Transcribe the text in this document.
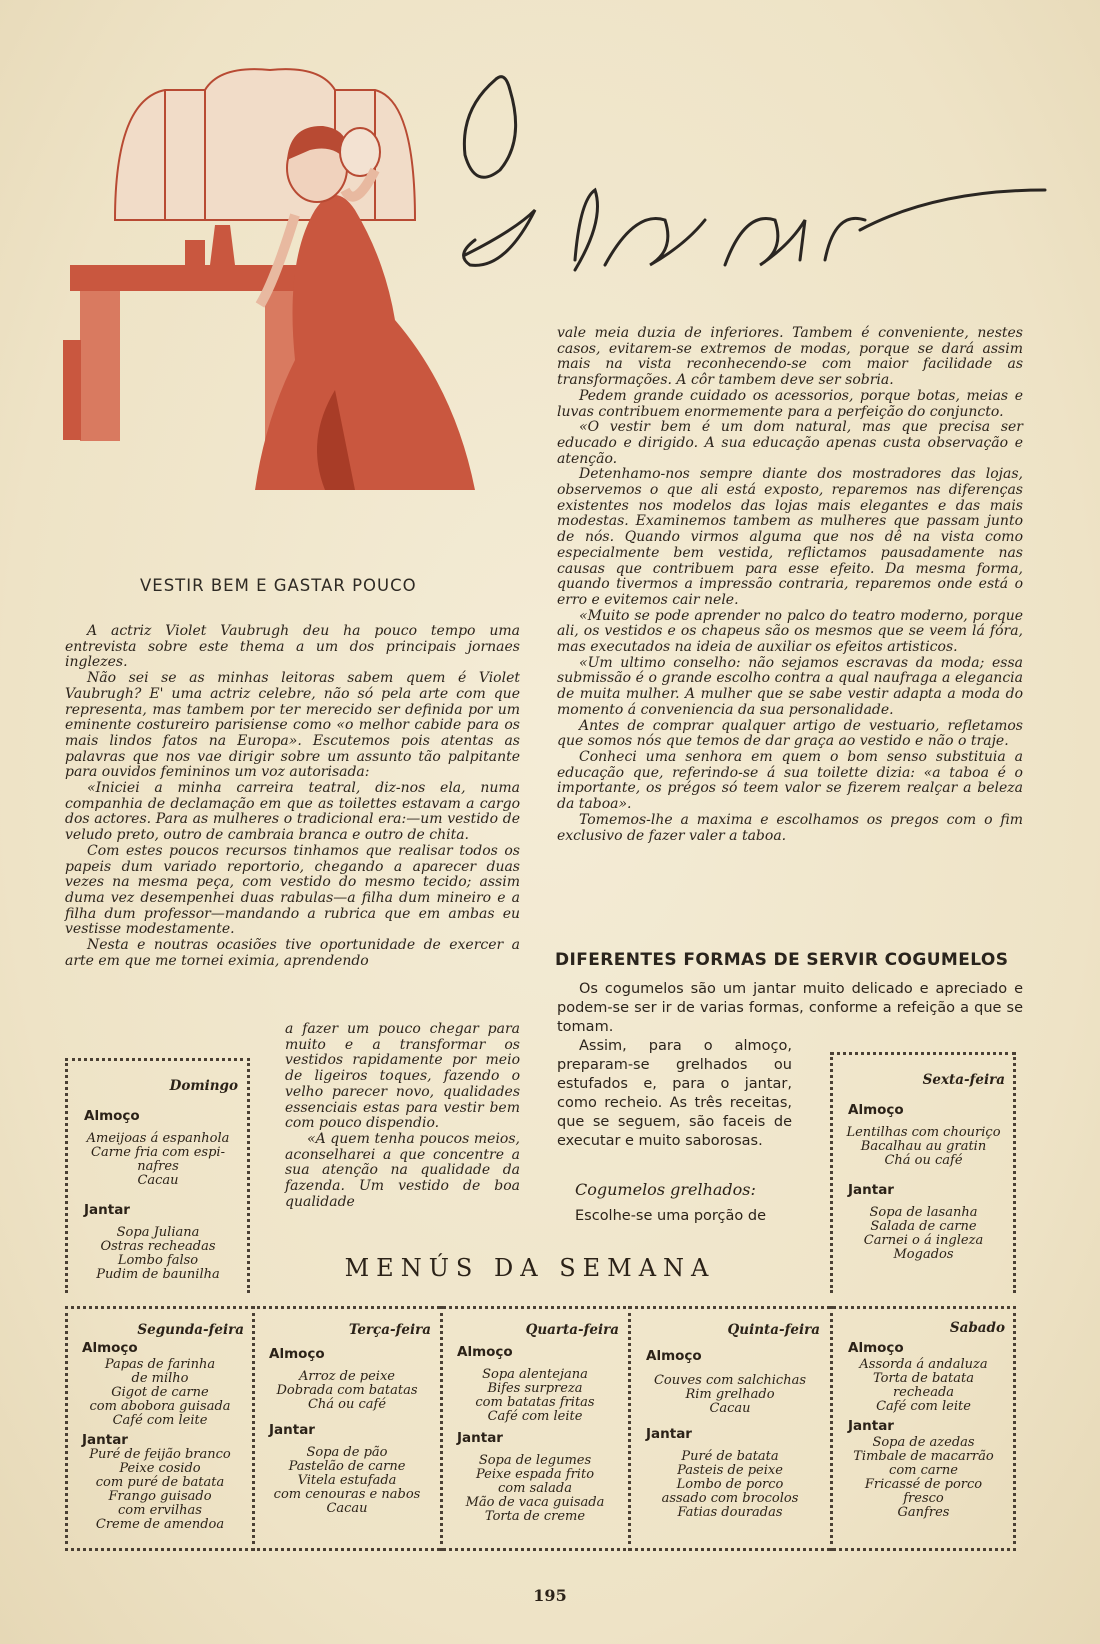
VESTIR BEM E GASTAR POUCO

A actriz Violet Vaubrugh deu ha pouco tempo uma entrevista sobre este thema a um dos principais jornaes inglezes.

Não sei se as minhas leitoras sabem quem é Violet Vaubrugh? E' uma actriz celebre, não só pela arte com que representa, mas tambem por ter merecido ser definida por um eminente costureiro parisiense como «o melhor cabide para os mais lindos fatos na Europa». Escutemos pois atentas as palavras que nos vae dirigir sobre um assunto tão palpitante para ouvidos femininos um voz autorisada:

«Iniciei a minha carreira teatral, diz-nos ela, numa companhia de declamação em que as toilettes estavam a cargo dos actores. Para as mulheres o tradicional era:—um vestido de veludo preto, outro de cambraia branca e outro de chita.

Com estes poucos recursos tinhamos que realisar todos os papeis dum variado reportorio, chegando a aparecer duas vezes na mesma peça, com vestido do mesmo tecido; assim duma vez desempenhei duas rabulas—a filha dum mineiro e a filha dum professor—mandando a rubrica que em ambas eu vestisse modestamente.

Nesta e noutras ocasiões tive oportunidade de exercer a arte em que me tornei eximia, aprendendo

a fazer um pouco chegar para muito e a transformar os vestidos rapidamente por meio de ligeiros toques, fazendo o velho parecer novo, qualidades essenciais estas para vestir bem com pouco dispendio.

«A quem tenha poucos meios, aconselharei a que concentre a sua atenção na qualidade da fazenda. Um vestido de boa qualidade

vale meia duzia de inferiores. Tambem é conveniente, nestes casos, evitarem-se extremos de modas, porque se dará assim mais na vista reconhecendo-se com maior facilidade as transformações. A côr tambem deve ser sobria.

Pedem grande cuidado os acessorios, porque botas, meias e luvas contribuem enormemente para a perfeição do conjuncto.

«O vestir bem é um dom natural, mas que precisa ser educado e dirigido. A sua educação apenas custa observação e atenção.

Detenhamo-nos sempre diante dos mostradores das lojas, observemos o que ali está exposto, reparemos nas diferenças existentes nos modelos das lojas mais elegantes e das mais modestas. Examinemos tambem as mulheres que passam junto de nós. Quando virmos alguma que nos dê na vista como especialmente bem vestida, reflictamos pausadamente nas causas que contribuem para esse efeito. Da mesma forma, quando tivermos a impressão contraria, reparemos onde está o erro e evitemos cair nele.

«Muito se pode aprender no palco do teatro moderno, porque ali, os vestidos e os chapeus são os mesmos que se veem lá fóra, mas executados na ideia de auxiliar os efeitos artisticos.

«Um ultimo conselho: não sejamos escravas da moda; essa submissão é o grande escolho contra a qual naufraga a elegancia de muita mulher. A mulher que se sabe vestir adapta a moda do momento á conveniencia da sua personalidade.

Antes de comprar qualquer artigo de vestuario, refletamos que somos nós que temos de dar graça ao vestido e não o traje.

Conheci uma senhora em quem o bom senso substituia a educação que, referindo-se á sua toilette dizia: «a taboa é o importante, os prégos só teem valor se fizerem realçar a beleza da taboa».

Tomemos-lhe a maxima e escolhamos os pregos com o fim exclusivo de fazer valer a taboa.

DIFERENTES FORMAS DE SERVIR COGUMELOS

Os cogumelos são um jantar muito delicado e apreciado e podem-se ser ir de varias formas, conforme a refeição a que se tomam.

Assim, para o almoço, preparam-se grelhados ou estufados e, para o jantar, como recheio. As três receitas, que se seguem, são faceis de executar e muito saborosas.

Cogumelos grelhados:
Escolhe-se uma porção de
Domingo
Almoço
Ameijoas á espanhola
Carne fria com espi-
nafres
Cacau
Jantar
Sopa Juliana
Ostras recheadas
Lombo falso
Pudim de baunilha
Sexta-feira
Almoço
Lentilhas com chouriço
Bacalhau au gratin
Chá ou café
Jantar
Sopa de lasanha
Salada de carne
Carnei o á ingleza
Mogados
MENÚS DA SEMANA
Segunda-feira
Almoço
Papas de farinha
de milho
Gigot de carne
com abobora guisada
Café com leite
Jantar
Puré de feijão branco
Peixe cosido
com puré de batata
Frango guisado
com ervilhas
Creme de amendoa
Terça-feira
Almoço
Arroz de peixe
Dobrada com batatas
Chá ou café
Jantar
Sopa de pão
Pastelão de carne
Vitela estufada
com cenouras e nabos
Cacau
Quarta-feira
Almoço
Sopa alentejana
Bifes surpreza
com batatas fritas
Café com leite
Jantar
Sopa de legumes
Peixe espada frito
com salada
Mão de vaca guisada
Torta de creme
Quinta-feira
Almoço
Couves com salchichas
Rim grelhado
Cacau
Jantar
Puré de batata
Pasteis de peixe
Lombo de porco
assado com brocolos
Fatias douradas
Sabado
Almoço
Assorda á andaluza
Torta de batata
recheada
Café com leite
Jantar
Sopa de azedas
Timbale de macarrão
com carne
Fricassé de porco
fresco
Ganfres
195
